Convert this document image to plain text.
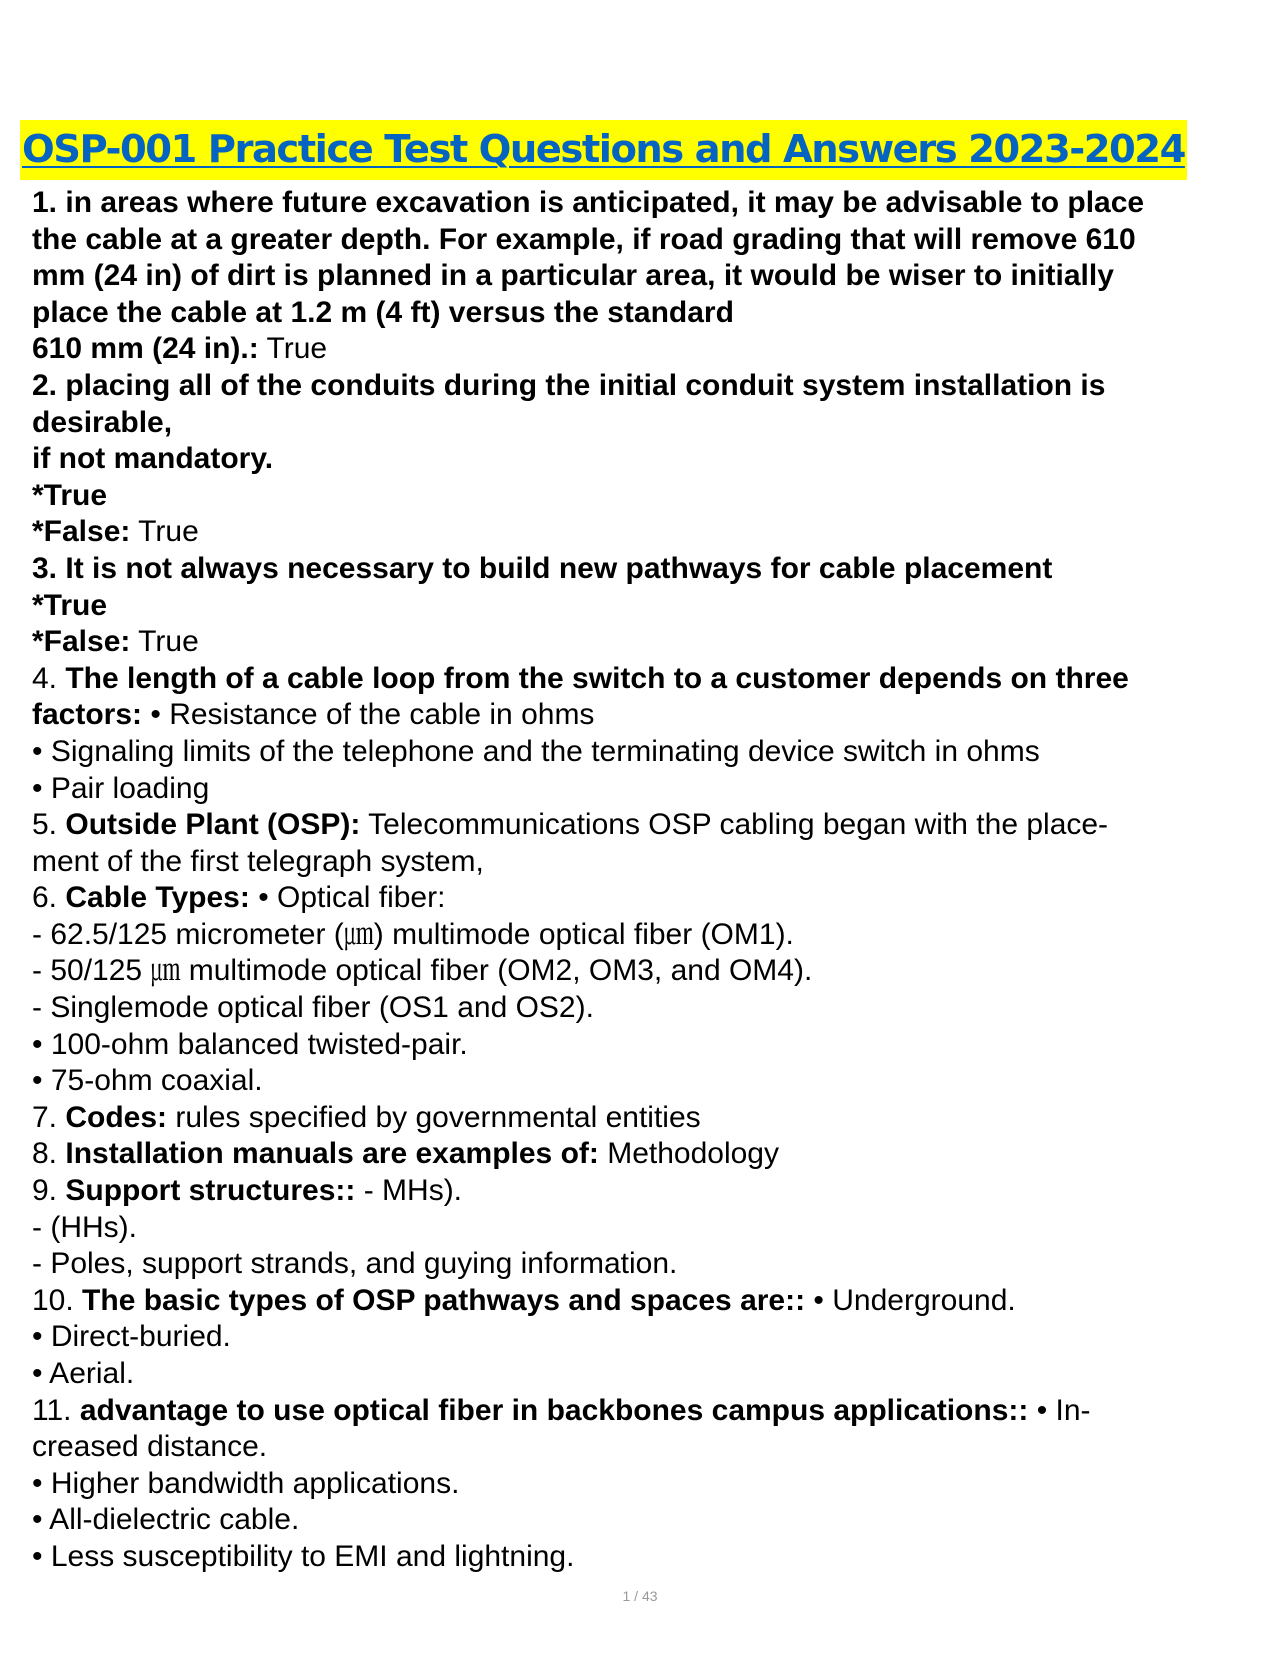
OSP-001 Practice Test Questions and Answers 2023-2024
1. in areas where future excavation is anticipated, it may be advisable to place
the cable at a greater depth. For example, if road grading that will remove 610
mm (24 in) of dirt is planned in a particular area, it would be wiser to initially
place the cable at 1.2 m (4 ft) versus the standard
610 mm (24 in).: True
2. placing all of the conduits during the initial conduit system installation is
desirable,
if not mandatory.
*True
*False: True
3. It is not always necessary to build new pathways for cable placement
*True
*False: True
4. The length of a cable loop from the switch to a customer depends on three
factors: • Resistance of the cable in ohms
• Signaling limits of the telephone and the terminating device switch in ohms
• Pair loading
5. Outside Plant (OSP): Telecommunications OSP cabling began with the place-
ment of the first telegraph system,
6. Cable Types: • Optical fiber:
- 62.5/125 micrometer (㎛) multimode optical fiber (OM1).
- 50/125 ㎛ multimode optical fiber (OM2, OM3, and OM4).
- Singlemode optical fiber (OS1 and OS2).
• 100-ohm balanced twisted-pair.
• 75-ohm coaxial.
7. Codes: rules specified by governmental entities
8. Installation manuals are examples of: Methodology
9. Support structures:: - MHs).
- (HHs).
- Poles, support strands, and guying information.
10. The basic types of OSP pathways and spaces are:: • Underground.
• Direct-buried.
• Aerial.
11. advantage to use optical fiber in backbones campus applications:: • In-
creased distance.
• Higher bandwidth applications.
• All-dielectric cable.
• Less susceptibility to EMI and lightning.
1 / 43
